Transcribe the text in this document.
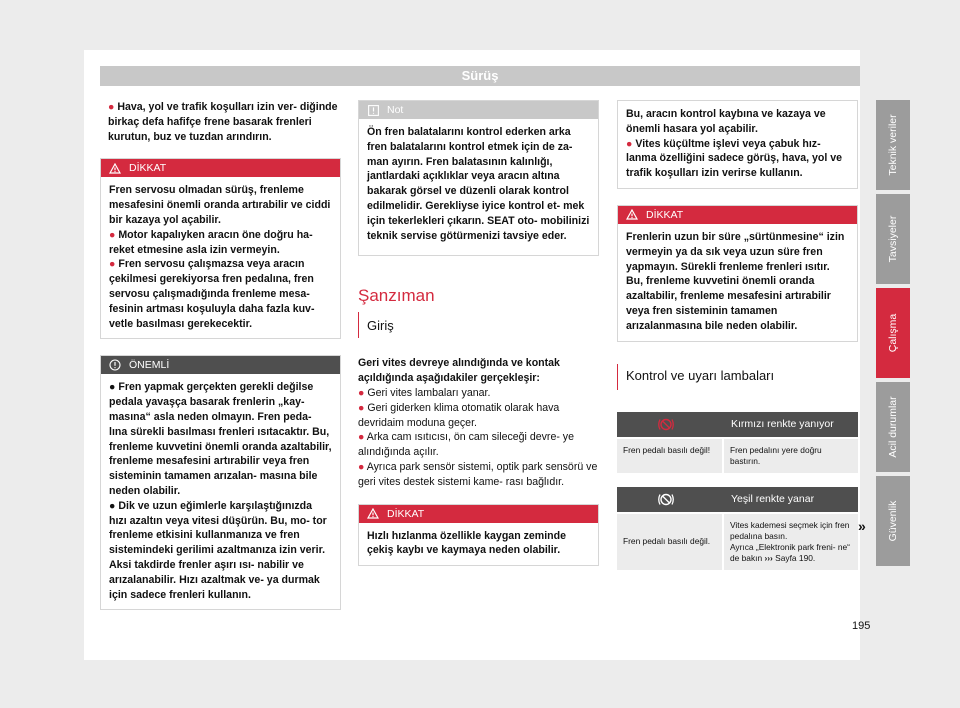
Sürüş

● Hava, yol ve trafik koşulları izin ver- diğinde birkaç defa hafifçe frene basarak frenleri kurutun, buz ve tuzdan arındırın.

DİKKAT

Fren servosu olmadan sürüş, frenleme mesafesini önemli oranda artırabilir ve ciddi bir kazaya yol açabilir.

● Motor kapalıyken aracın öne doğru ha- reket etmesine asla izin vermeyin.

● Fren servosu çalışmazsa veya aracın çekilmesi gerekiyorsa fren pedalına, fren servosu çalışmadığında frenleme mesa- fesinin artması koşuluyla daha fazla kuv- vetle basılması gerekecektir.

ÖNEMLİ

● Fren yapmak gerçekten gerekli değilse pedala yavaşça basarak frenlerin „kay- masına“ asla neden olmayın. Fren peda- lına sürekli basılması frenleri ısıtacaktır. Bu, frenleme kuvvetini önemli oranda azaltabilir, frenleme mesafesini artırabilir veya fren sisteminin tamamen arızalan- masına bile neden olabilir.

● Dik ve uzun eğimlerle karşılaştığınızda hızı azaltın veya vitesi düşürün. Bu, mo- tor frenleme etkisini kullanmanıza ve fren sistemindeki gerilimi azaltmanıza izin verir. Aksi takdirde frenler aşırı ısı- nabilir ve arızalanabilir. Hızı azaltmak ve- ya durmak için sadece frenleri kullanın.

Not

Ön fren balatalarını kontrol ederken arka fren balatalarını kontrol etmek için de za- man ayırın. Fren balatasının kalınlığı, jantlardaki açıklıklar veya aracın altına bakarak görsel ve düzenli olarak kontrol edilmelidir. Gerekliyse iyice kontrol et- mek için tekerlekleri çıkarın. SEAT oto- mobilinizi teknik servise götürmenizi tavsiye eder.

Şanzıman

Giriş

Geri vites devreye alındığında ve kontak açıldığında aşağıdakiler gerçekleşir:

● Geri vites lambaları yanar.

● Geri giderken klima otomatik olarak hava devridaim moduna geçer.

● Arka cam ısıtıcısı, ön cam sileceği devre- ye alındığında açılır.

● Ayrıca park sensör sistemi, optik park sensörü ve geri vites destek sistemi kame- rası bağlıdır.

DİKKAT

Hızlı hızlanma özellikle kaygan zeminde çekiş kaybı ve kaymaya neden olabilir.

Bu, aracın kontrol kaybına ve kazaya ve önemli hasara yol açabilir.

● Vites küçültme işlevi veya çabuk hız- lanma özelliğini sadece görüş, hava, yol ve trafik koşulları izin verirse kullanın.

DİKKAT

Frenlerin uzun bir süre „sürtünmesine“ izin vermeyin ya da sık veya uzun süre fren yapmayın. Sürekli frenleme frenleri ısıtır. Bu, frenleme kuvvetini önemli oranda azaltabilir, frenleme mesafesini artırabilir veya fren sisteminin tamamen arızalanmasına bile neden olabilir.

Kontrol ve uyarı lambaları

Kırmızı renkte yanıyor
Fren pedalı basılı değil!	Fren pedalını yere doğru bastırın.
Yeşil renkte yanar
Fren pedalı basılı değil.
Vites kademesi seçmek için fren pedalına basın.
Ayrıca „Elektronik park freni- ne“ de bakın ››› Sayfa 190.
»
Teknik veriler
Tavsiyeler
Çalışma
Acil durumlar
Güvenlik
195
